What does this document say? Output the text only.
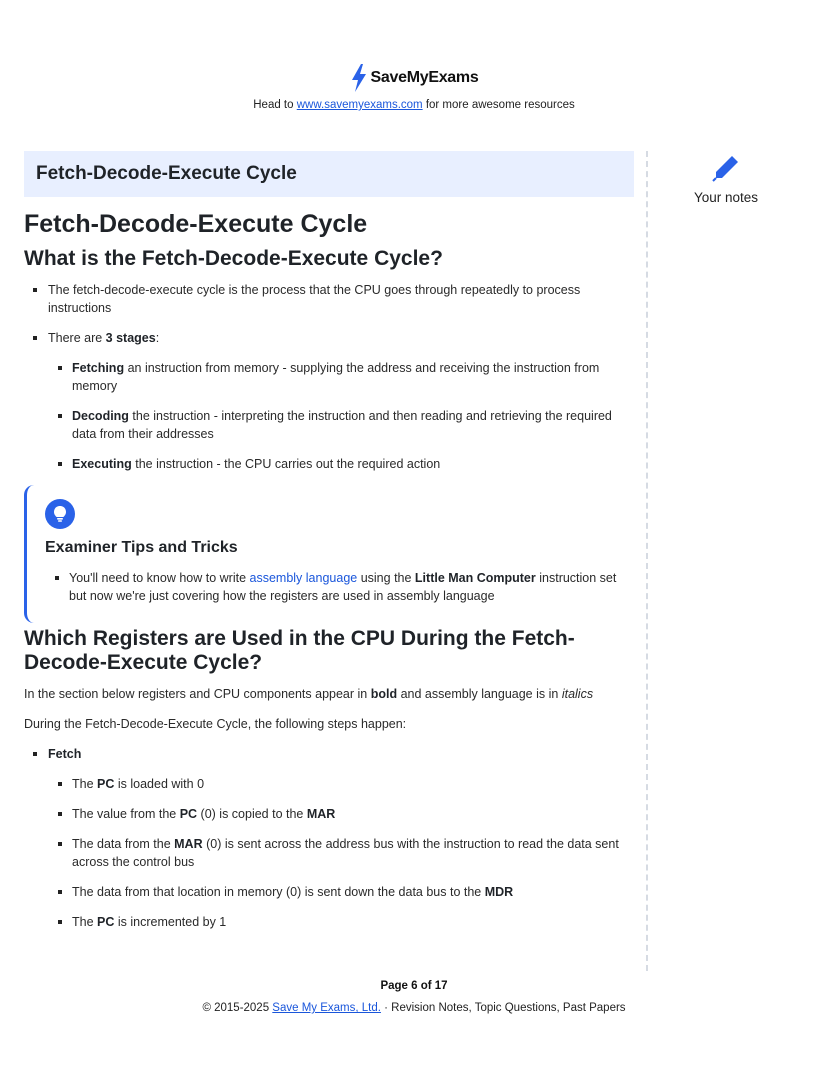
SaveMyExams
Head to www.savemyexams.com for more awesome resources
Fetch-Decode-Execute Cycle
Fetch-Decode-Execute Cycle
What is the Fetch-Decode-Execute Cycle?
The fetch-decode-execute cycle is the process that the CPU goes through repeatedly to process instructions
There are 3 stages:
Fetching an instruction from memory - supplying the address and receiving the instruction from memory
Decoding the instruction - interpreting the instruction and then reading and retrieving the required data from their addresses
Executing the instruction - the CPU carries out the required action
Examiner Tips and Tricks
You'll need to know how to write assembly language using the Little Man Computer instruction set but now we're just covering how the registers are used in assembly language
Which Registers are Used in the CPU During the Fetch-Decode-Execute Cycle?

In the section below registers and CPU components appear in bold and assembly language is in italics

During the Fetch-Decode-Execute Cycle, the following steps happen:

Fetch
The PC is loaded with 0
The value from the PC (0) is copied to the MAR
The data from the MAR (0) is sent across the address bus with the instruction to read the data sent across the control bus
The data from that location in memory (0) is sent down the data bus to the MDR
The PC is incremented by 1
Your notes
Page 6 of 17
© 2015-2025 Save My Exams, Ltd. · Revision Notes, Topic Questions, Past Papers
